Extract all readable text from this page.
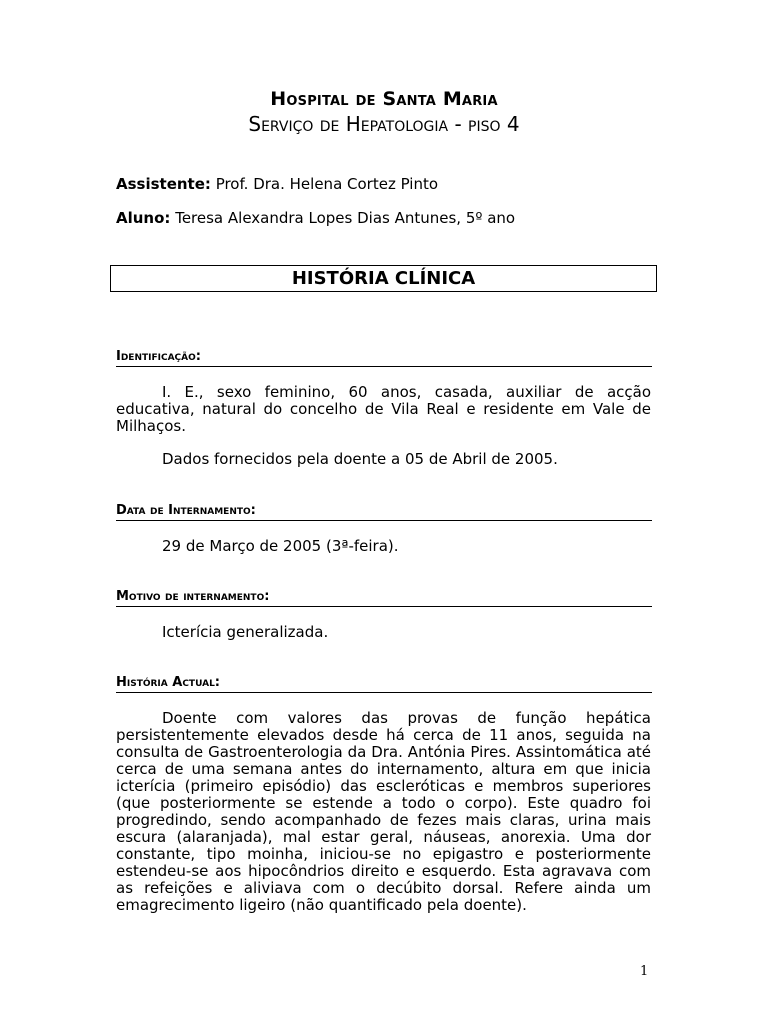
Hospital de Santa Maria
Serviço de Hepatologia - piso 4
Assistente: Prof. Dra. Helena Cortez Pinto
Aluno: Teresa Alexandra Lopes Dias Antunes, 5º ano
HISTÓRIA CLÍNICA
Identificação:
I. E., sexo feminino, 60 anos, casada, auxiliar de acção educativa, natural do concelho de Vila Real e residente em Vale de Milhaços.
Dados fornecidos pela doente a 05 de Abril de 2005.
Data de Internamento:
29 de Março de 2005 (3ª-feira).
Motivo de internamento:
Icterícia generalizada.
História Actual:
Doente com valores das provas de função hepática persistentemente elevados desde há cerca de 11 anos, seguida na consulta de Gastroenterologia da Dra. Antónia Pires. Assintomática até cerca de uma semana antes do internamento, altura em que inicia icterícia (primeiro episódio) das escleróticas e membros superiores (que posteriormente se estende a todo o corpo). Este quadro foi progredindo, sendo acompanhado de fezes mais claras, urina mais escura (alaranjada), mal estar geral, náuseas, anorexia. Uma dor constante, tipo moinha, iniciou-se no epigastro e posteriormente estendeu-se aos hipocôndrios direito e esquerdo. Esta agravava com as refeições e aliviava com o decúbito dorsal. Refere ainda um emagrecimento ligeiro (não quantificado pela doente).
1
